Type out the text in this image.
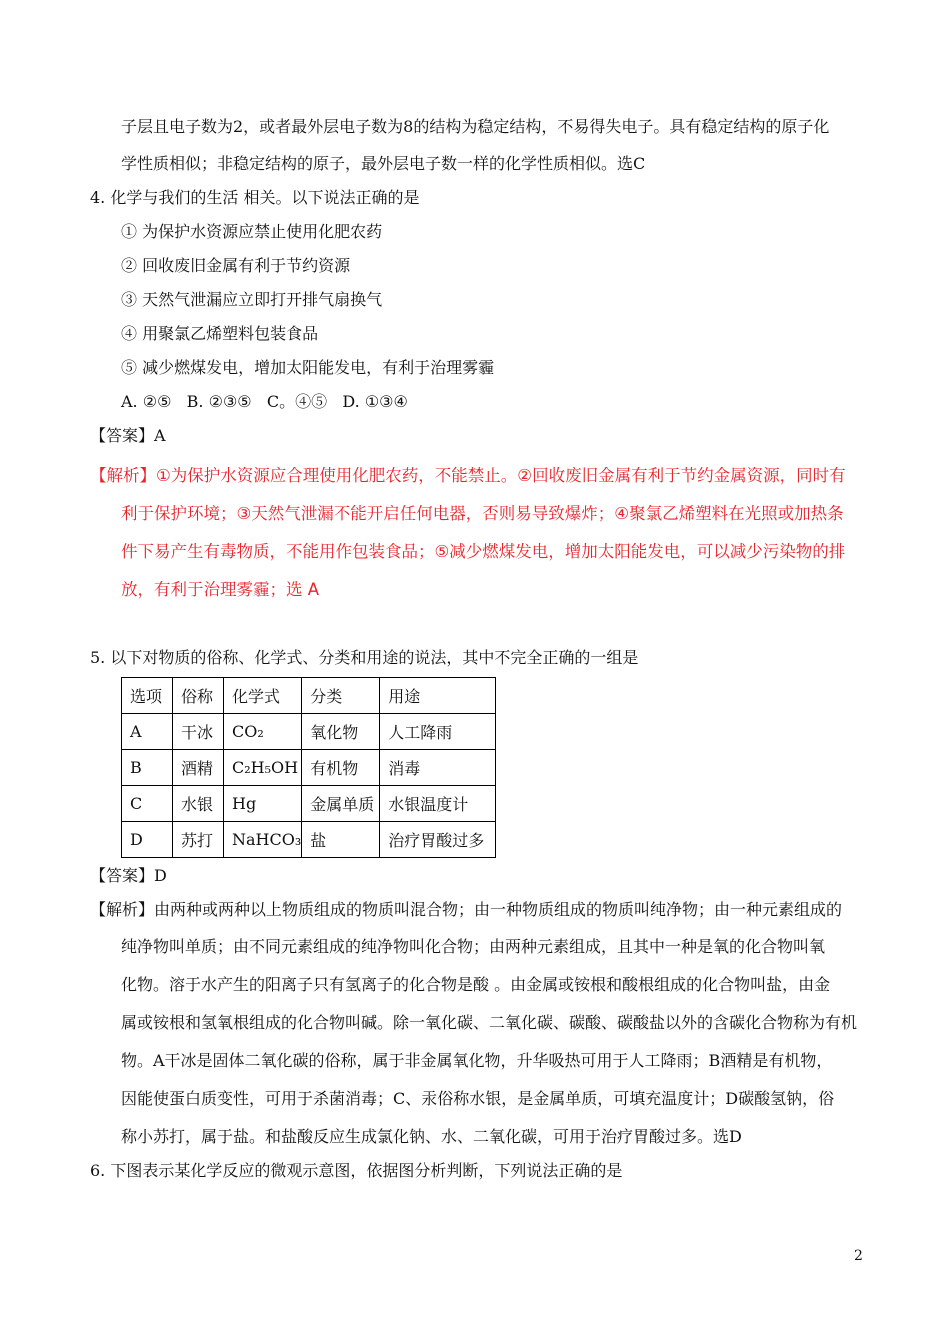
子层且电子数为2，或者最外层电子数为8的结构为稳定结构，不易得失电子。具有稳定结构的原子化
学性质相似；非稳定结构的原子，最外层电子数一样的化学性质相似。选C
4. 化学与我们的生活 相关。以下说法正确的是
① 为保护水资源应禁止使用化肥农药
② 回收废旧金属有利于节约资源
③ 天然气泄漏应立即打开排气扇换气
④ 用聚氯乙烯塑料包装食品
⑤ 减少燃煤发电，增加太阳能发电，有利于治理雾霾
A. ②⑤   B. ②③⑤   C。④⑤   D. ①③④
【答案】A
【解析】①为保护水资源应合理使用化肥农药，不能禁止。②回收废旧金属有利于节约金属资源，同时有
利于保护环境；③天然气泄漏不能开启任何电器，否则易导致爆炸；④聚氯乙烯塑料在光照或加热条
件下易产生有毒物质，不能用作包装食品；⑤减少燃煤发电，增加太阳能发电，可以减少污染物的排
放，有利于治理雾霾；选 A
5. 以下对物质的俗称、化学式、分类和用途的说法，其中不完全正确的一组是
选项	俗称	化学式	分类	用途
A	干冰	CO₂	氧化物	人工降雨
B	酒精	C₂H₅OH	有机物	消毒
C	水银	Hg	金属单质	水银温度计
D	苏打	NaHCO₃	盐	治疗胃酸过多
【答案】D
【解析】由两种或两种以上物质组成的物质叫混合物；由一种物质组成的物质叫纯净物；由一种元素组成的
纯净物叫单质；由不同元素组成的纯净物叫化合物；由两种元素组成，且其中一种是氧的化合物叫氧
化物。溶于水产生的阳离子只有氢离子的化合物是酸 。由金属或铵根和酸根组成的化合物叫盐，由金
属或铵根和氢氧根组成的化合物叫碱。除一氧化碳、二氧化碳、碳酸、碳酸盐以外的含碳化合物称为有机
物。A干冰是固体二氧化碳的俗称，属于非金属氧化物，升华吸热可用于人工降雨；B酒精是有机物，
因能使蛋白质变性，可用于杀菌消毒；C、汞俗称水银，是金属单质，可填充温度计；D碳酸氢钠，俗
称小苏打，属于盐。和盐酸反应生成氯化钠、水、二氧化碳，可用于治疗胃酸过多。选D
6. 下图表示某化学反应的微观示意图，依据图分析判断，下列说法正确的是
2
